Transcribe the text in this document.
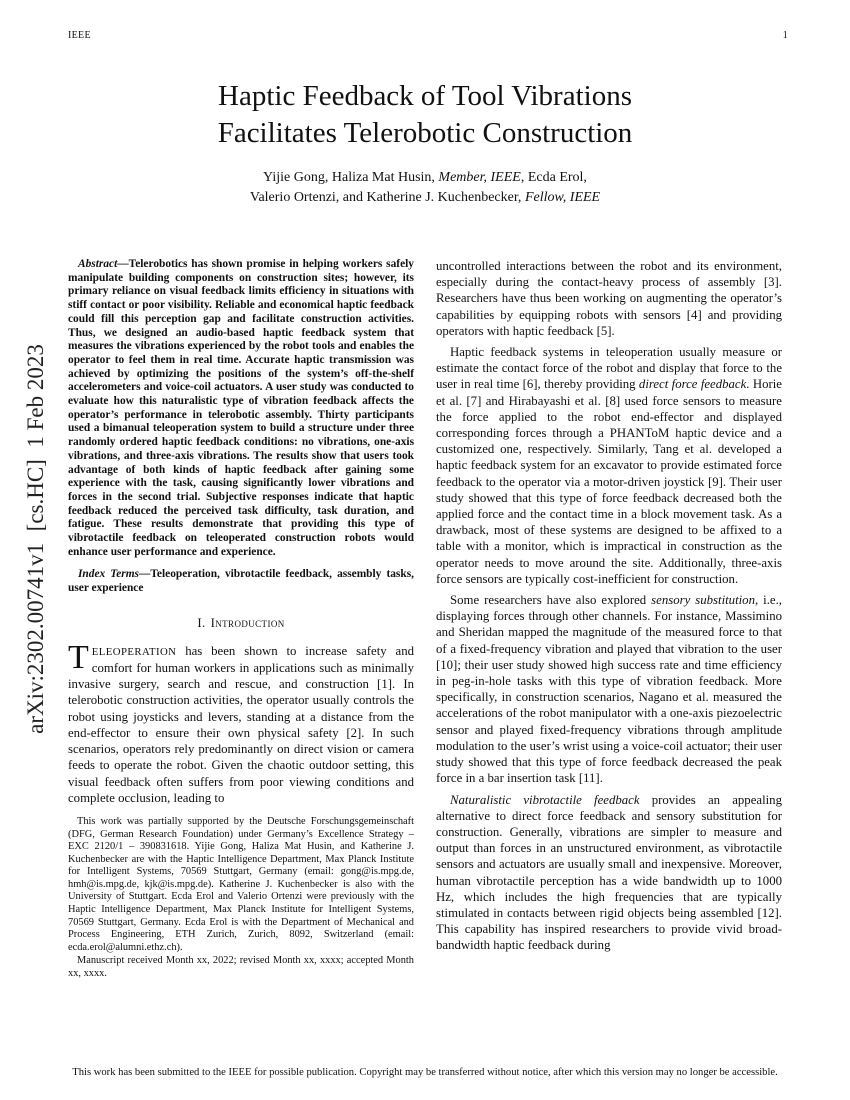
IEEE	1
arXiv:2302.00741v1  [cs.HC]  1 Feb 2023
Haptic Feedback of Tool Vibrations
Facilitates Telerobotic Construction
Yijie Gong, Haliza Mat Husin, Member, IEEE, Ecda Erol,
Valerio Ortenzi, and Katherine J. Kuchenbecker, Fellow, IEEE

Abstract—Telerobotics has shown promise in helping workers safely manipulate building components on construction sites; however, its primary reliance on visual feedback limits efficiency in situations with stiff contact or poor visibility. Reliable and economical haptic feedback could fill this perception gap and facilitate construction activities. Thus, we designed an audio-based haptic feedback system that measures the vibrations experienced by the robot tools and enables the operator to feel them in real time. Accurate haptic transmission was achieved by optimizing the positions of the system’s off-the-shelf accelerometers and voice-coil actuators. A user study was conducted to evaluate how this naturalistic type of vibration feedback affects the operator’s performance in telerobotic assembly. Thirty participants used a bimanual teleoperation system to build a structure under three randomly ordered haptic feedback conditions: no vibrations, one-axis vibrations, and three-axis vibrations. The results show that users took advantage of both kinds of haptic feedback after gaining some experience with the task, causing significantly lower vibrations and forces in the second trial. Subjective responses indicate that haptic feedback reduced the perceived task difficulty, task duration, and fatigue. These results demonstrate that providing this type of vibrotactile feedback on teleoperated construction robots would enhance user performance and experience.

Index Terms—Teleoperation, vibrotactile feedback, assembly tasks, user experience

I. Introduction

TELEOPERATION has been shown to increase safety and comfort for human workers in applications such as minimally invasive surgery, search and rescue, and construction [1]. In telerobotic construction activities, the operator usually controls the robot using joysticks and levers, standing at a distance from the end-effector to ensure their own physical safety [2]. In such scenarios, operators rely predominantly on direct vision or camera feeds to operate the robot. Given the chaotic outdoor setting, this visual feedback often suffers from poor viewing conditions and complete occlusion, leading to

This work was partially supported by the Deutsche Forschungsgemeinschaft (DFG, German Research Foundation) under Germany’s Excellence Strategy – EXC 2120/1 – 390831618. Yijie Gong, Haliza Mat Husin, and Katherine J. Kuchenbecker are with the Haptic Intelligence Department, Max Planck Institute for Intelligent Systems, 70569 Stuttgart, Germany (email: gong@is.mpg.de, hmh@is.mpg.de, kjk@is.mpg.de). Katherine J. Kuchenbecker is also with the University of Stuttgart. Ecda Erol and Valerio Ortenzi were previously with the Haptic Intelligence Department, Max Planck Institute for Intelligent Systems, 70569 Stuttgart, Germany. Ecda Erol is with the Department of Mechanical and Process Engineering, ETH Zurich, Zurich, 8092, Switzerland (email: ecda.erol@alumni.ethz.ch).

Manuscript received Month xx, 2022; revised Month xx, xxxx; accepted Month xx, xxxx.

uncontrolled interactions between the robot and its environment, especially during the contact-heavy process of assembly [3]. Researchers have thus been working on augmenting the operator’s capabilities by equipping robots with sensors [4] and providing operators with haptic feedback [5].

Haptic feedback systems in teleoperation usually measure or estimate the contact force of the robot and display that force to the user in real time [6], thereby providing direct force feedback. Horie et al. [7] and Hirabayashi et al. [8] used force sensors to measure the force applied to the robot end-effector and displayed corresponding forces through a PHANToM haptic device and a customized one, respectively. Similarly, Tang et al. developed a haptic feedback system for an excavator to provide estimated force feedback to the operator via a motor-driven joystick [9]. Their user study showed that this type of force feedback decreased both the applied force and the contact time in a block movement task. As a drawback, most of these systems are designed to be affixed to a table with a monitor, which is impractical in construction as the operator needs to move around the site. Additionally, three-axis force sensors are typically cost-inefficient for construction.

Some researchers have also explored sensory substitution, i.e., displaying forces through other channels. For instance, Massimino and Sheridan mapped the magnitude of the measured force to that of a fixed-frequency vibration and played that vibration to the user [10]; their user study showed high success rate and time efficiency in peg-in-hole tasks with this type of vibration feedback. More specifically, in construction scenarios, Nagano et al. measured the accelerations of the robot manipulator with a one-axis piezoelectric sensor and played fixed-frequency vibrations through amplitude modulation to the user’s wrist using a voice-coil actuator; their user study showed that this type of force feedback decreased the peak force in a bar insertion task [11].

Naturalistic vibrotactile feedback provides an appealing alternative to direct force feedback and sensory substitution for construction. Generally, vibrations are simpler to measure and output than forces in an unstructured environment, as vibrotactile sensors and actuators are usually small and inexpensive. Moreover, human vibrotactile perception has a wide bandwidth up to 1000 Hz, which includes the high frequencies that are typically stimulated in contacts between rigid objects being assembled [12]. This capability has inspired researchers to provide vivid broad-bandwidth haptic feedback during

This work has been submitted to the IEEE for possible publication. Copyright may be transferred without notice, after which this version may no longer be accessible.
